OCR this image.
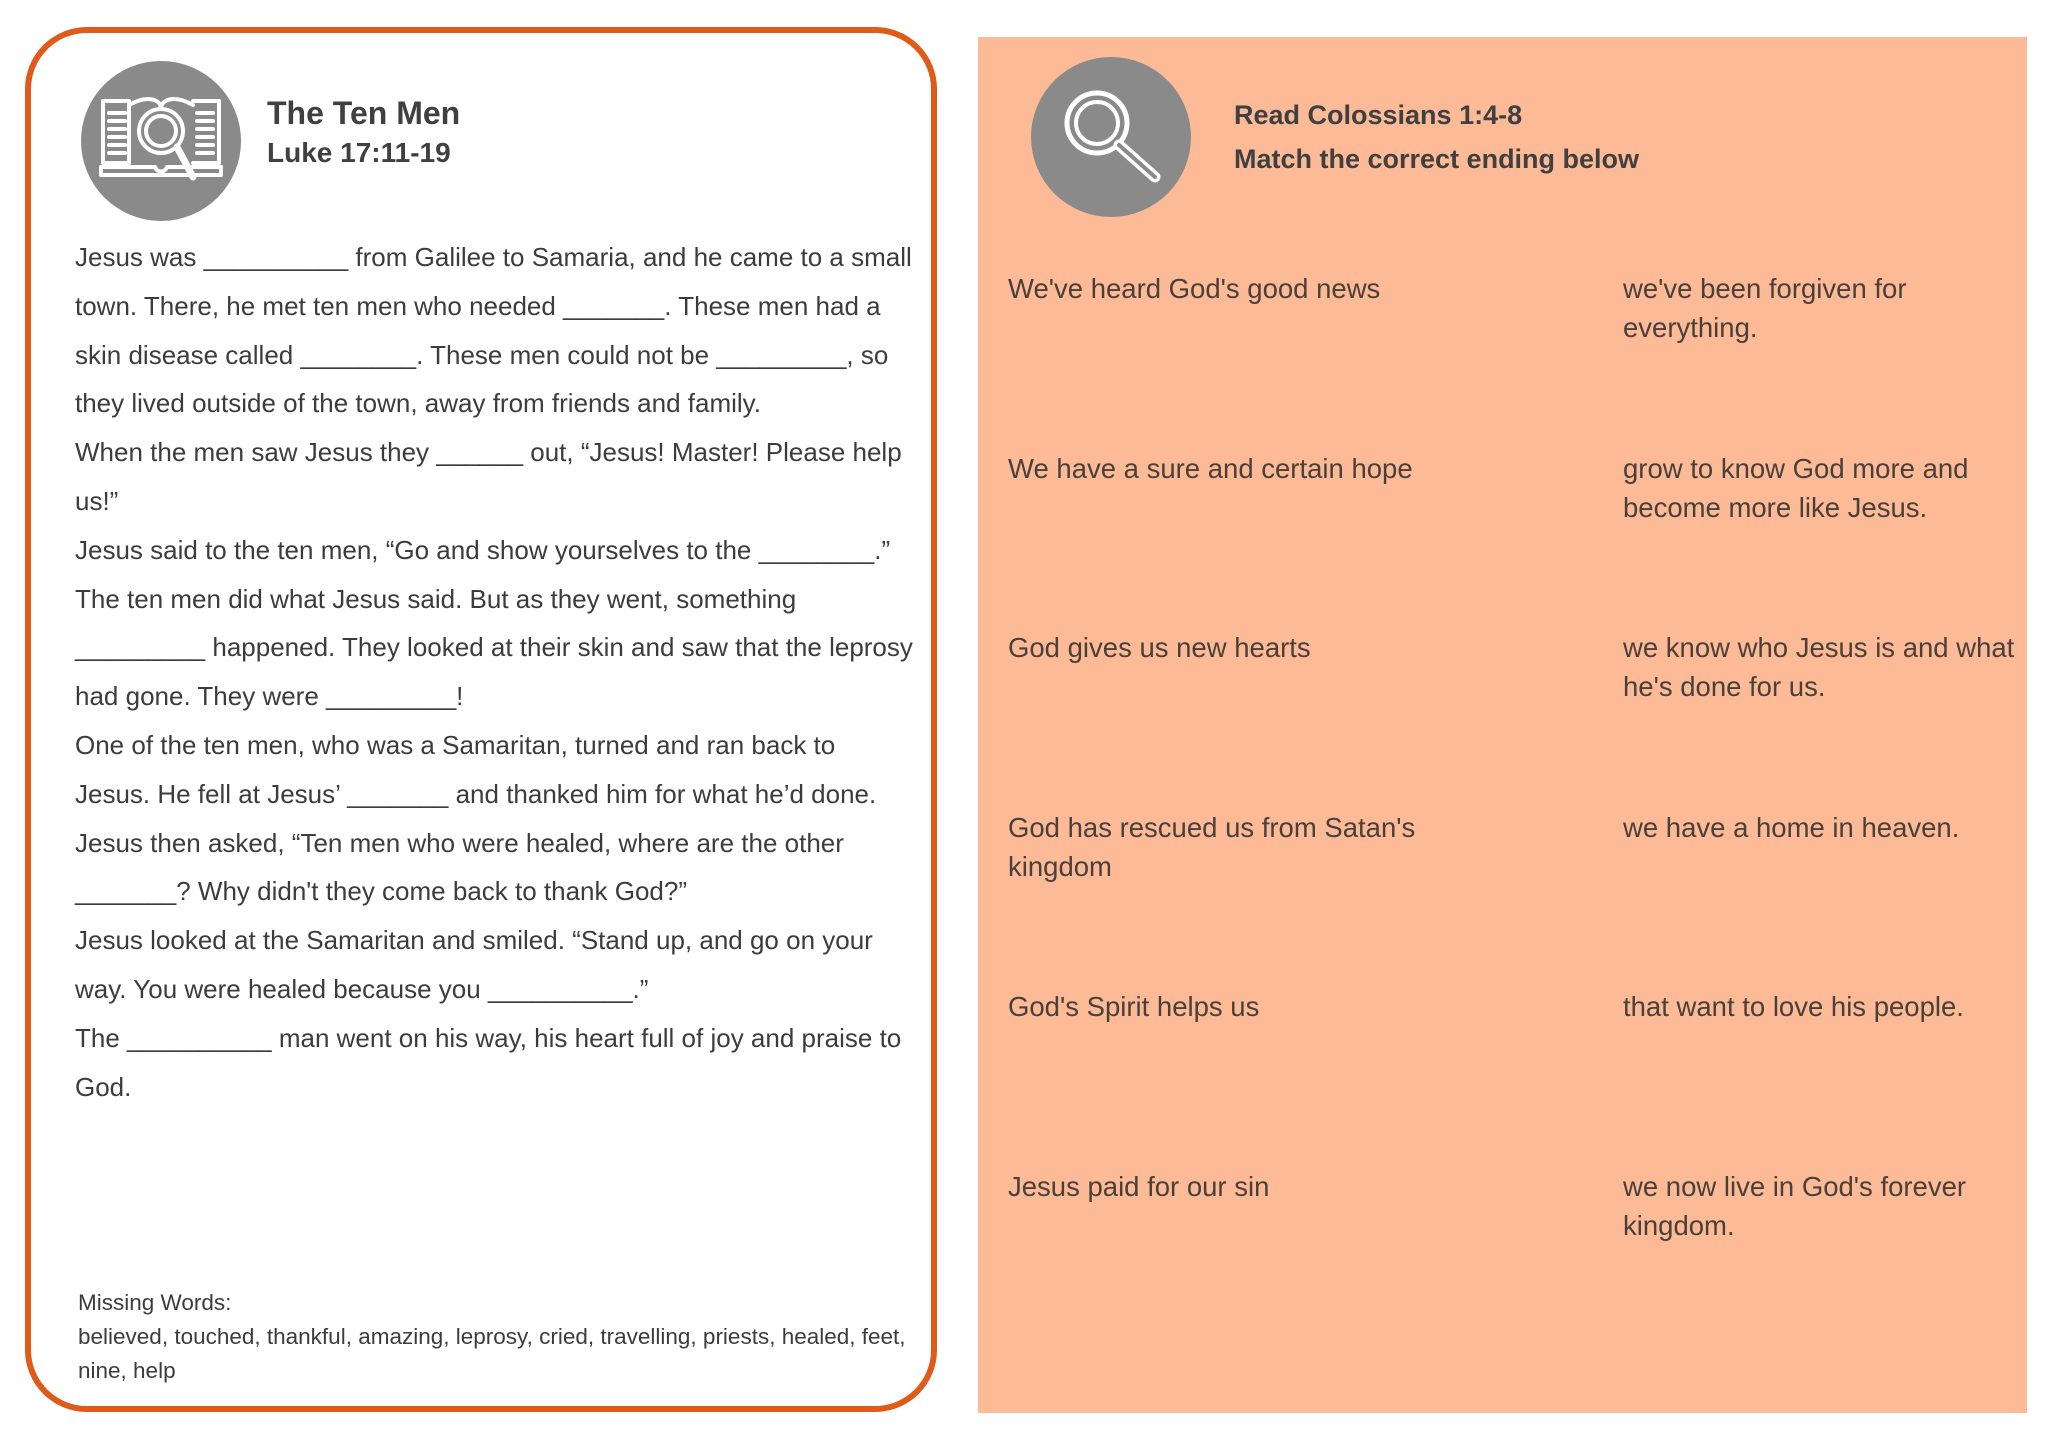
The Ten Men
Luke 17:11-19

Jesus was __________ from Galilee to Samaria, and he came to a small town. There, he met ten men who needed _______. These men had a skin disease called ________. These men could not be _________, so they lived outside of the town, away from friends and family.

When the men saw Jesus they ______ out, “Jesus! Master! Please help us!”

Jesus said to the ten men, “Go and show yourselves to the ________.”

The ten men did what Jesus said. But as they went, something _________ happened. They looked at their skin and saw that the leprosy had gone. They were _________!

One of the ten men, who was a Samaritan, turned and ran back to Jesus. He fell at Jesus’ _______ and thanked him for what he’d done.

Jesus then asked, “Ten men who were healed, where are the other _______? Why didn't they come back to thank God?”

Jesus looked at the Samaritan and smiled. “Stand up, and go on your way. You were healed because you __________.”

The __________ man went on his way, his heart full of joy and praise to God.

Missing Words:
believed, touched, thankful, amazing, leprosy, cried, travelling, priests, healed, feet, nine, help
Read Colossians 1:4-8
Match the correct ending below
We've heard God's good news
We have a sure and certain hope
God gives us new hearts
God has rescued us from Satan's kingdom
God's Spirit helps us
Jesus paid for our sin
we've been forgiven for everything.
grow to know God more and become more like Jesus.
we know who Jesus is and what he's done for us.
we have a home in heaven.
that want to love his people.
we now live in God's forever kingdom.
